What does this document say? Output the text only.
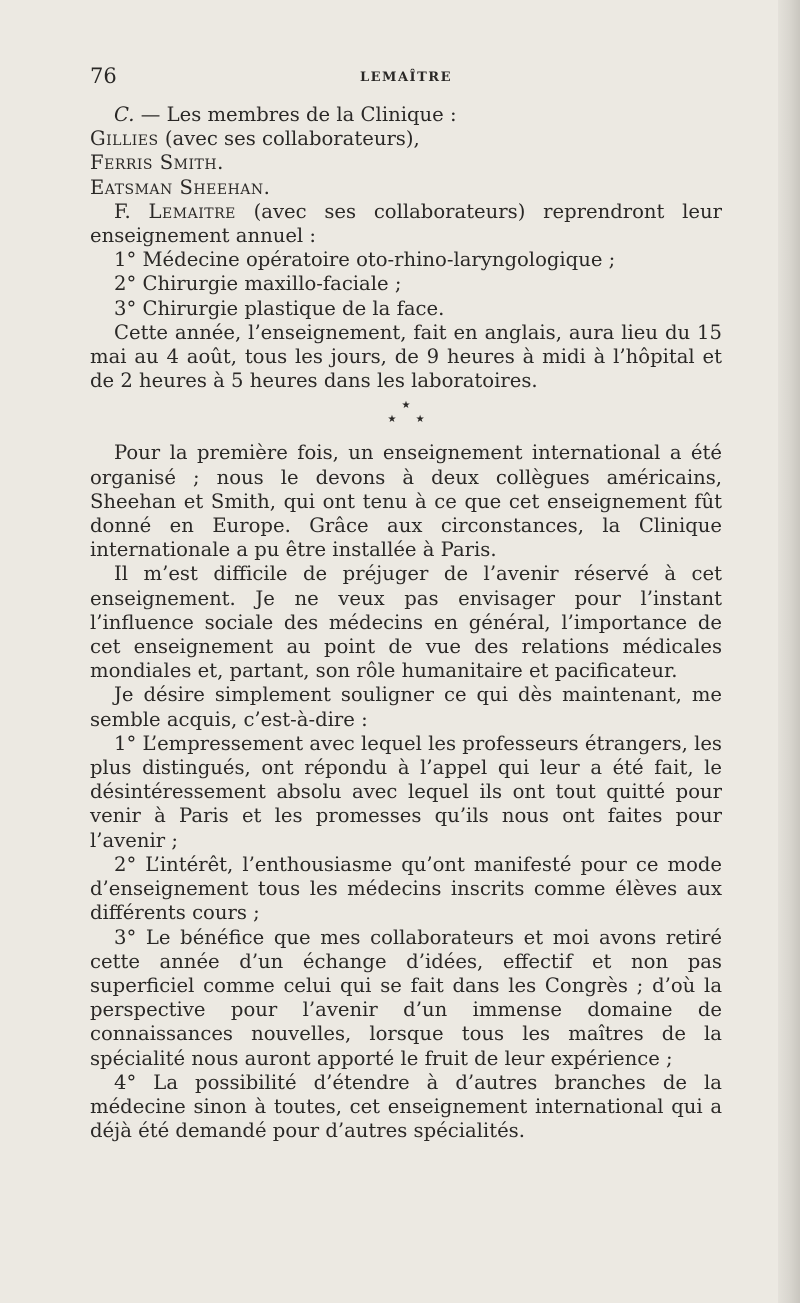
76	LEMAÎTRE

C. — Les membres de la Clinique :

Gillies (avec ses collaborateurs),

Ferris Smith.

Eatsman Sheehan.

F. Lemaitre (avec ses collaborateurs) reprendront leur enseignement annuel :

1° Médecine opératoire oto-rhino-laryngologique ;

2° Chirurgie maxillo-faciale ;

3° Chirurgie plastique de la face.

Cette année, l’enseignement, fait en anglais, aura lieu du 15 mai au 4 août, tous les jours, de 9 heures à midi à l’hôpital et de 2 heures à 5 heures dans les laboratoires.

★
★ ★

Pour la première fois, un enseignement international a été organisé ; nous le devons à deux collègues américains, Sheehan et Smith, qui ont tenu à ce que cet enseignement fût donné en Europe. Grâce aux circonstances, la Clinique internationale a pu être installée à Paris.

Il m’est difficile de préjuger de l’avenir réservé à cet enseignement. Je ne veux pas envisager pour l’instant l’influence sociale des médecins en général, l’importance de cet enseignement au point de vue des relations médicales mondiales et, partant, son rôle humanitaire et pacificateur.

Je désire simplement souligner ce qui dès maintenant, me semble acquis, c’est-à-dire :

1° L’empressement avec lequel les professeurs étrangers, les plus distingués, ont répondu à l’appel qui leur a été fait, le désintéressement absolu avec lequel ils ont tout quitté pour venir à Paris et les promesses qu’ils nous ont faites pour l’avenir ;

2° L’intérêt, l’enthousiasme qu’ont manifesté pour ce mode d’enseignement tous les médecins inscrits comme élèves aux différents cours ;

3° Le bénéfice que mes collaborateurs et moi avons retiré cette année d’un échange d’idées, effectif et non pas superficiel comme celui qui se fait dans les Congrès ; d’où la perspective pour l’avenir d’un immense domaine de connaissances nouvelles, lorsque tous les maîtres de la spécialité nous auront apporté le fruit de leur expérience ;

4° La possibilité d’étendre à d’autres branches de la médecine sinon à toutes, cet enseignement international qui a déjà été demandé pour d’autres spécialités.
